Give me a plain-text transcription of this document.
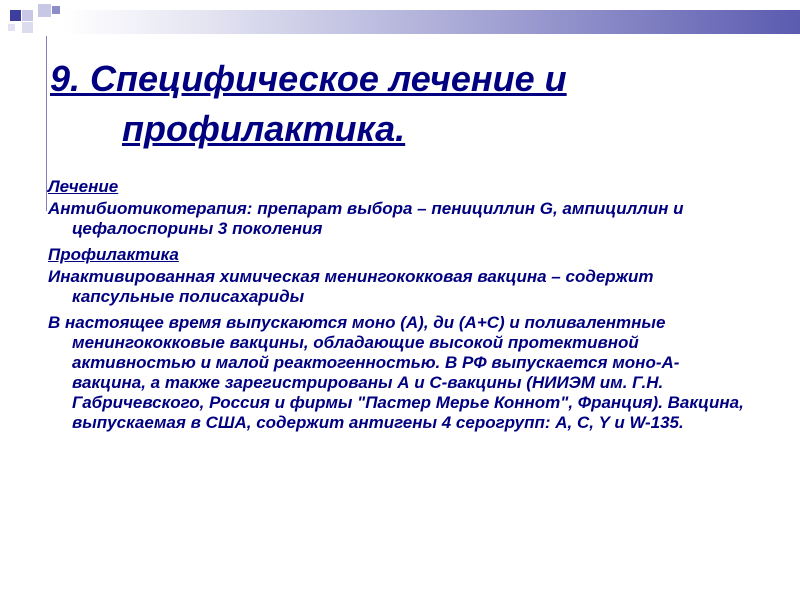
9. Специфическое лечение и
профилактика.

Лечение

Антибиотикотерапия: препарат выбора – пенициллин G, ампициллин и цефалоспорины 3 поколения

Профилактика

Инактивированная химическая менингококковая вакцина – содержит капсульные полисахариды

В настоящее время выпускаются моно (А), ди (А+С) и поливалентные менингококковые вакцины, обладающие высокой протективной активностью и малой реактогенностью. В РФ выпускается моно-А-вакцина, а также зарегистрированы А и С-вакцины (НИИЭМ им. Г.Н. Габричевского, Россия и фирмы "Пастер Мерье Коннот", Франция). Вакцина, выпускаемая в США, содержит антигены 4 серогрупп: А, С, Y и W-135.
